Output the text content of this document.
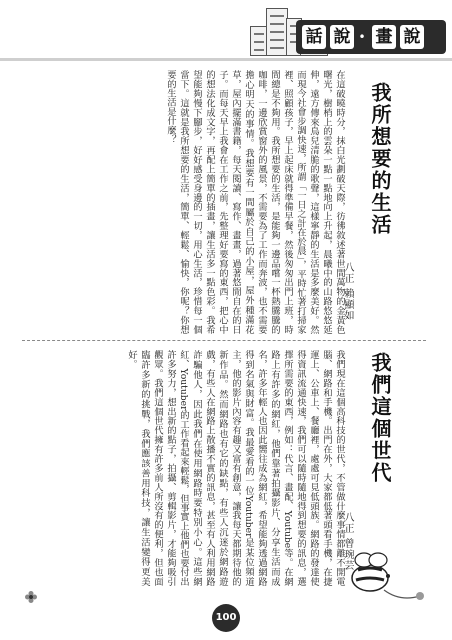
話 說 • 畫 說
我所想要的生活
八正 賴顯如
在這破曉時分，抹白光劃破天際，彷彿敘述著世間萬物的金黃色曙光，樹梢上的雲朵一點一點地向上升起，晨曦中的山路悠悠延伸，遠方傳來鳥兒清脆的歌聲，這樣寧靜的生活是多麼美好。然而現今社會步調快速，所謂「一日之計在於晨」，平時忙著打掃家裡、照顧孩子，早上起床就得準備早餐，然後匆匆出門上班，時間總是不夠用。我所想要的生活，是能夠一邊品嚐一杯熱騰騰的咖啡，一邊欣賞窗外的風景，不需要為了工作而奔波，也不需要擔心明天的事情。我想要有一間屬於自己的小屋，屋外種滿花草，屋內擺滿書籍，每天閱讀、寫作、畫畫，過著悠閒自在的日子。而每天早上我會在工作之前，先整理好要寫的東西，把心中的想法化成文字，再配上簡單的插畫，讓生活多一點色彩。我希望能夠慢下腳步，好好感受身邊的一切，用心生活，珍惜每一個當下。這就是我所想要的生活，簡單、輕鬆、愉快，你呢？你想要的生活是什麼？
我們這個世代
八正 曾琬芸
我們現在這個高科技的世代，不管做什麼事情都離不開電腦、網路和手機。出門在外，大家都低著頭看手機，在捷運上、公車上、餐廳裡，處處可見低頭族。網路的發達使得資訊流通快速，我們可以隨時隨地得到想要的訊息，選擇所需要的東西，例如：代言、畫配、Youtube等。在網路上有許多的網紅，他們靠著拍攝影片、分享生活而成名，許多年輕人也因此嚮往成為網紅，希望能夠透過網路得到名氣與財富。我最愛看的一位Youtuber是某位頻道主，他的影片內容有趣又富有創意，讓我每天都期待他的新作品。然而網路也有它的缺點，有些人沉迷於網路遊戲，有些人在網路上散播不實的訊息，甚至有人利用網路詐騙他人，因此我們在使用網路時要特別小心。這些網紅、Youtuber的工作看起來輕鬆，但事實上他們也要付出許多努力，想出新的點子，拍攝、剪輯影片，才能夠吸引觀眾。我們這個世代擁有許多前人所沒有的便利，但也面臨許多新的挑戰，我們應該善用科技，讓生活變得更美好。
100
